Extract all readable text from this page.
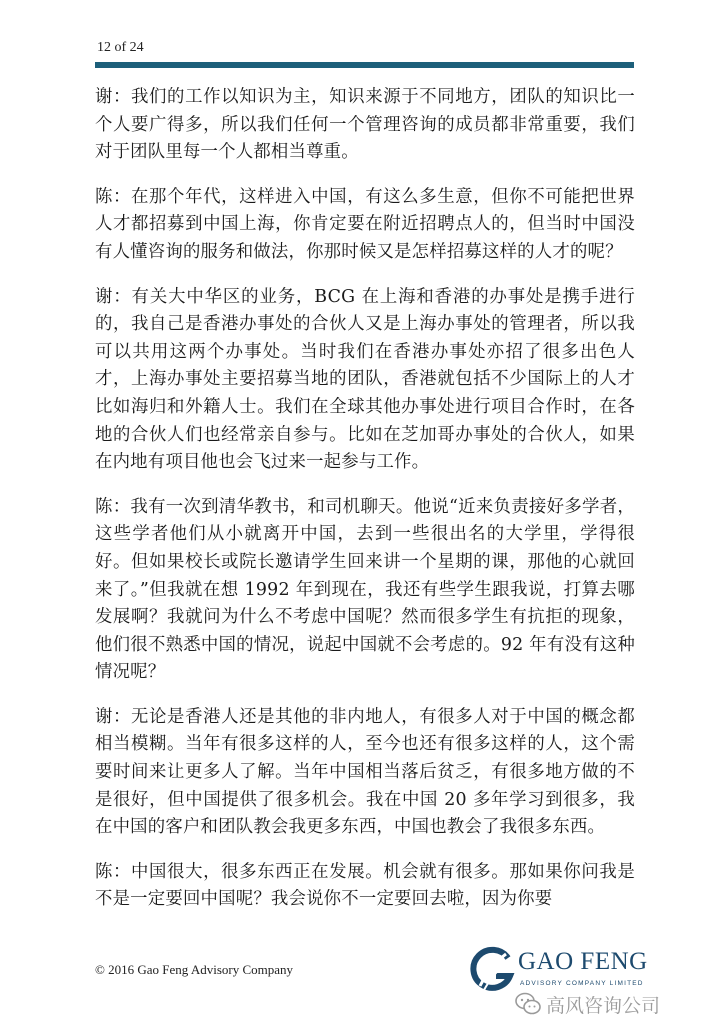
12 of 24

谢：我们的工作以知识为主，知识来源于不同地方，团队的知识比一个人要广得多，所以我们任何一个管理咨询的成员都非常重要，我们对于团队里每一个人都相当尊重。

陈：在那个年代，这样进入中国，有这么多生意，但你不可能把世界人才都招募到中国上海，你肯定要在附近招聘点人的，但当时中国没有人懂咨询的服务和做法，你那时候又是怎样招募这样的人才的呢？

谢：有关大中华区的业务，BCG 在上海和香港的办事处是携手进行的，我自己是香港办事处的合伙人又是上海办事处的管理者，所以我可以共用这两个办事处。当时我们在香港办事处亦招了很多出色人才，上海办事处主要招募当地的团队，香港就包括不少国际上的人才比如海归和外籍人士。我们在全球其他办事处进行项目合作时，在各地的合伙人们也经常亲自参与。比如在芝加哥办事处的合伙人，如果在内地有项目他也会飞过来一起参与工作。

陈：我有一次到清华教书，和司机聊天。他说“近来负责接好多学者，这些学者他们从小就离开中国，去到一些很出名的大学里，学得很好。但如果校长或院长邀请学生回来讲一个星期的课，那他的心就回来了。”但我就在想 1992 年到现在，我还有些学生跟我说，打算去哪发展啊？我就问为什么不考虑中国呢？然而很多学生有抗拒的现象，他们很不熟悉中国的情况，说起中国就不会考虑的。92 年有没有这种情况呢？

谢：无论是香港人还是其他的非内地人，有很多人对于中国的概念都相当模糊。当年有很多这样的人，至今也还有很多这样的人，这个需要时间来让更多人了解。当年中国相当落后贫乏，有很多地方做的不是很好，但中国提供了很多机会。我在中国 20 多年学习到很多，我在中国的客户和团队教会我更多东西，中国也教会了我很多东西。

陈：中国很大，很多东西正在发展。机会就有很多。那如果你问我是不是一定要回中国呢？我会说你不一定要回去啦，因为你要

© 2016 Gao Feng Advisory Company	GAO FENG
ADVISORY COMPANY LIMITED
高风咨询公司
